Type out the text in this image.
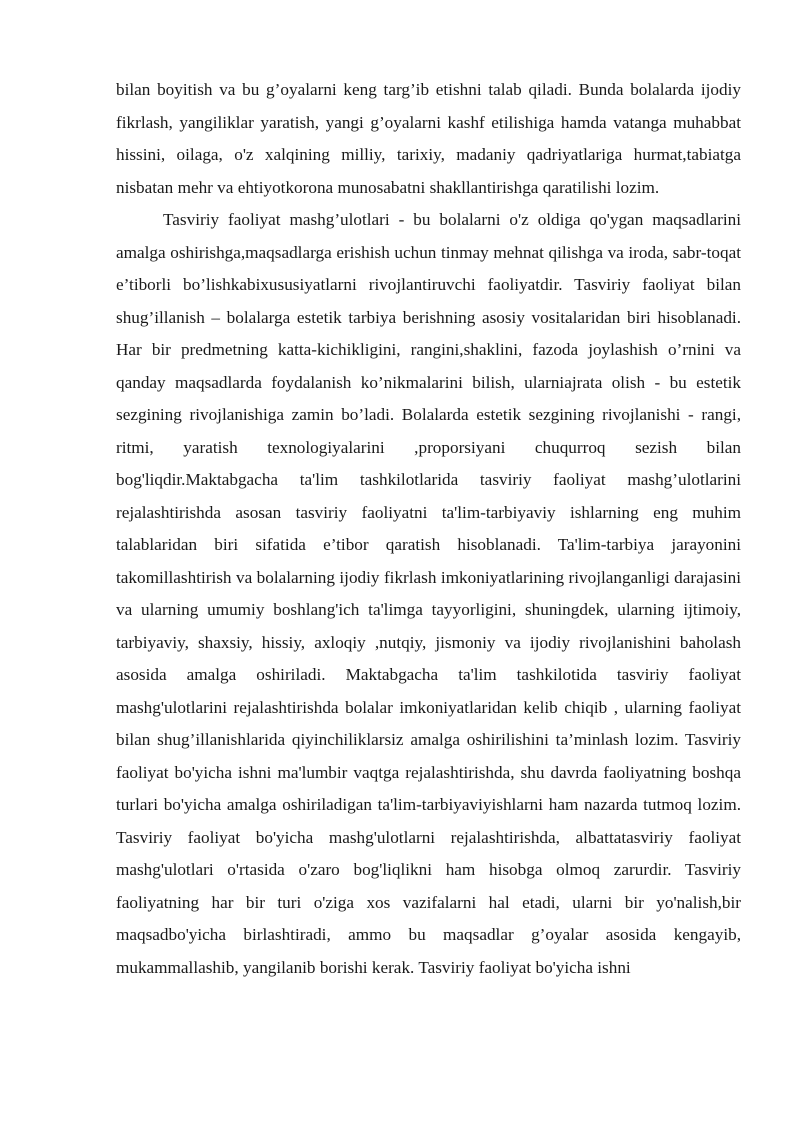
bilan boyitish va bu g’oyalarni keng targ’ib etishni talab qiladi. Bunda bolalarda ijodiy fikrlash, yangiliklar yaratish, yangi g’oyalarni kashf etilishiga hamda vatanga muhabbat hissini, oilaga, o'z xalqining milliy, tarixiy, madaniy qadriyatlariga hurmat,tabiatga nisbatan mehr va ehtiyotkorona munosabatni shakllantirishga qaratilishi lozim.

Tasviriy faoliyat mashg’ulotlari - bu bolalarni o'z oldiga qo'ygan maqsadlarini amalga oshirishga,maqsadlarga erishish uchun tinmay mehnat qilishga va iroda, sabr-toqat e’tiborli bo’lishkabixususiyatlarni rivojlantiruvchi faoliyatdir. Tasviriy faoliyat bilan shug’illanish – bolalarga estetik tarbiya berishning asosiy vositalaridan biri hisoblanadi. Har bir predmetning katta-kichikligini, rangini,shaklini, fazoda joylashish o’rnini va qanday maqsadlarda foydalanish ko’nikmalarini bilish, ularniajrata olish - bu estetik sezgining rivojlanishiga zamin bo’ladi. Bolalarda estetik sezgining rivojlanishi - rangi, ritmi, yaratish texnologiyalarini ,proporsiyani chuqurroq sezish bilan bog'liqdir.Maktabgacha ta'lim tashkilotlarida tasviriy faoliyat mashg’ulotlarini rejalashtirishda asosan tasviriy faoliyatni ta'lim-tarbiyaviy ishlarning eng muhim talablaridan biri sifatida e’tibor qaratish hisoblanadi. Ta'lim-tarbiya jarayonini takomillashtirish va bolalarning ijodiy fikrlash imkoniyatlarining rivojlanganligi darajasini va ularning umumiy boshlang'ich ta'limga tayyorligini, shuningdek, ularning ijtimoiy, tarbiyaviy, shaxsiy, hissiy, axloqiy ,nutqiy, jismoniy va ijodiy rivojlanishini baholash asosida amalga oshiriladi. Maktabgacha ta'lim tashkilotida tasviriy faoliyat mashg'ulotlarini rejalashtirishda bolalar imkoniyatlaridan kelib chiqib , ularning faoliyat bilan shug’illanishlarida qiyinchiliklarsiz amalga oshirilishini ta’minlash lozim. Tasviriy faoliyat bo'yicha ishni ma'lumbir vaqtga rejalashtirishda, shu davrda faoliyatning boshqa turlari bo'yicha amalga oshiriladigan ta'lim-tarbiyaviyishlarni ham nazarda tutmoq lozim. Tasviriy faoliyat bo'yicha mashg'ulotlarni rejalashtirishda, albattatasviriy faoliyat mashg'ulotlari o'rtasida o'zaro bog'liqlikni ham hisobga olmoq zarurdir. Tasviriy faoliyatning har bir turi o'ziga xos vazifalarni hal etadi, ularni bir yo'nalish,bir maqsadbo'yicha birlashtiradi, ammo bu maqsadlar g’oyalar asosida kengayib, mukammallashib, yangilanib borishi kerak. Tasviriy faoliyat bo'yicha ishni
